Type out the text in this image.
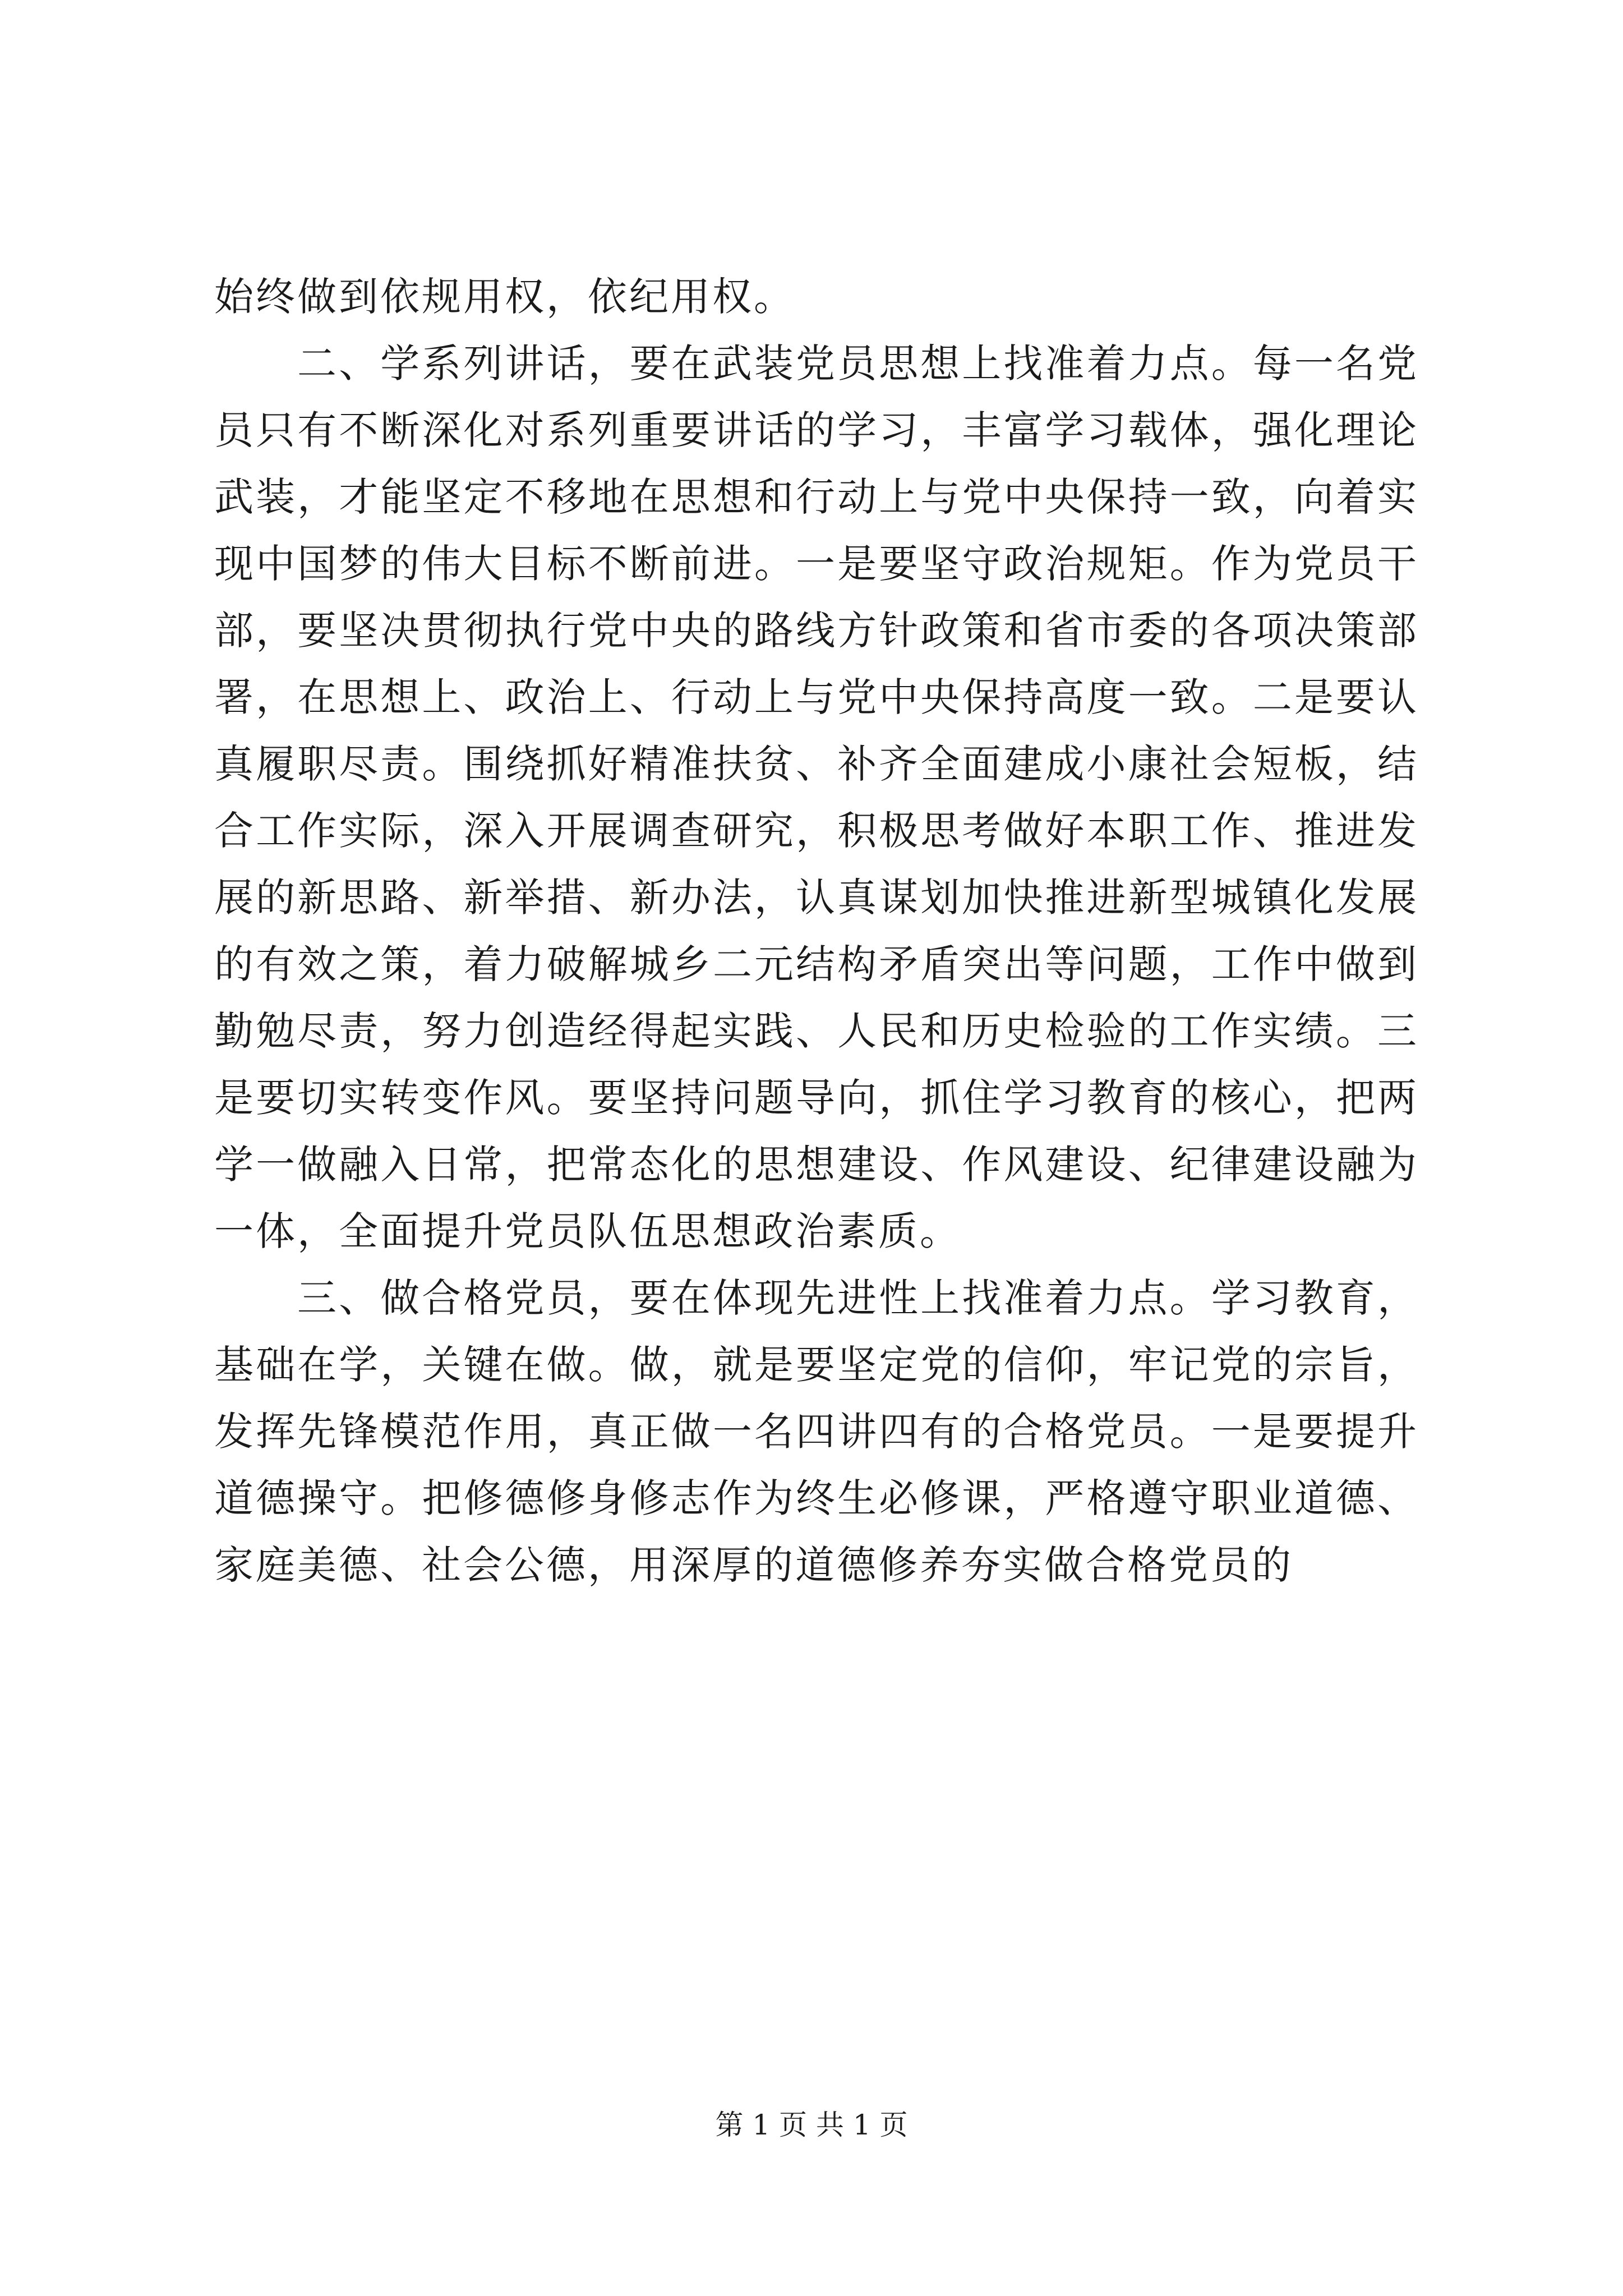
始终做到依规用权，依纪用权。

二、学系列讲话，要在武装党员思想上找准着力点。每一名党员只有不断深化对系列重要讲话的学习，丰富学习载体，强化理论武装，才能坚定不移地在思想和行动上与党中央保持一致，向着实现中国梦的伟大目标不断前进。一是要坚守政治规矩。作为党员干部，要坚决贯彻执行党中央的路线方针政策和省市委的各项决策部署，在思想上、政治上、行动上与党中央保持高度一致。二是要认真履职尽责。围绕抓好精准扶贫、补齐全面建成小康社会短板，结合工作实际，深入开展调查研究，积极思考做好本职工作、推进发展的新思路、新举措、新办法，认真谋划加快推进新型城镇化发展的有效之策，着力破解城乡二元结构矛盾突出等问题，工作中做到勤勉尽责，努力创造经得起实践、人民和历史检验的工作实绩。三是要切实转变作风。要坚持问题导向，抓住学习教育的核心，把两学一做融入日常，把常态化的思想建设、作风建设、纪律建设融为一体，全面提升党员队伍思想政治素质。

三、做合格党员，要在体现先进性上找准着力点。学习教育，基础在学，关键在做。做，就是要坚定党的信仰，牢记党的宗旨，发挥先锋模范作用，真正做一名四讲四有的合格党员。一是要提升道德操守。把修德修身修志作为终生必修课，严格遵守职业道德、家庭美德、社会公德，用深厚的道德修养夯实做合格党员的

第 1 页 共 1 页
